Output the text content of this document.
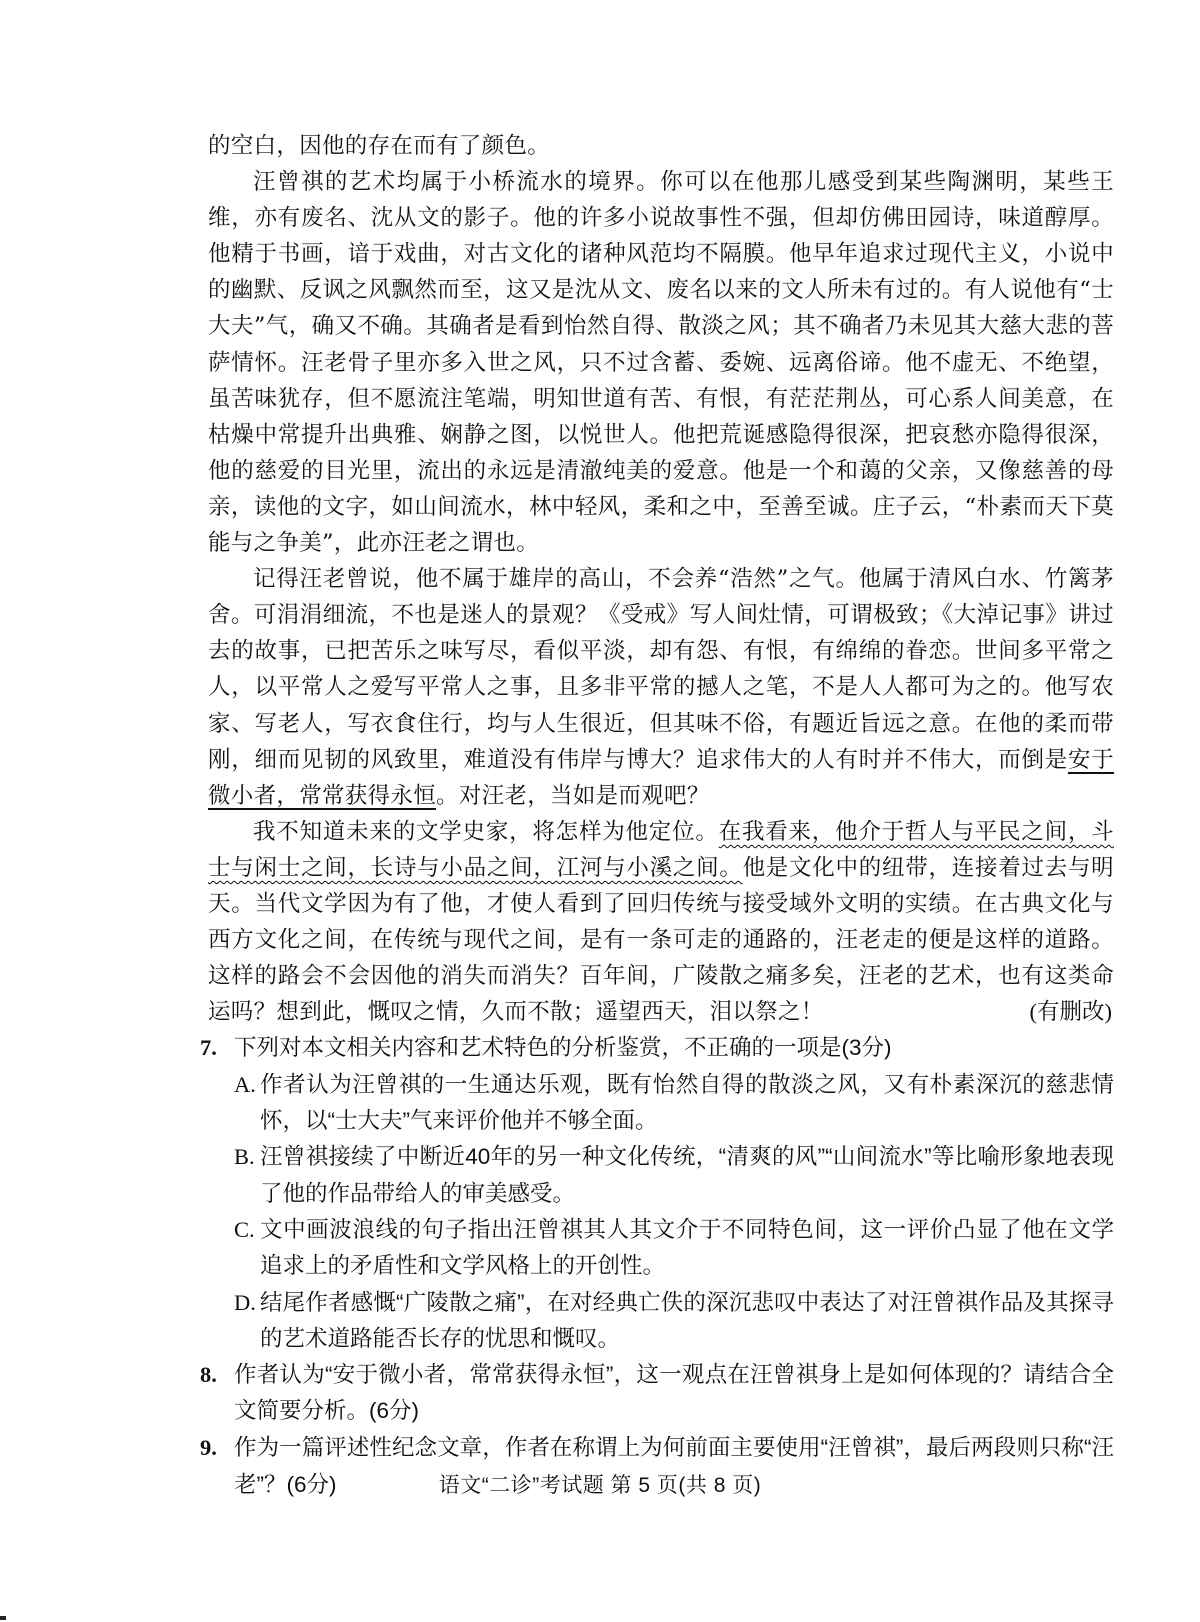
的空白，因他的存在而有了颜色。

汪曾祺的艺术均属于小桥流水的境界。你可以在他那儿感受到某些陶渊明，某些王维，亦有废名、沈从文的影子。他的许多小说故事性不强，但却仿佛田园诗，味道醇厚。他精于书画，谙于戏曲，对古文化的诸种风范均不隔膜。他早年追求过现代主义，小说中的幽默、反讽之风飘然而至，这又是沈从文、废名以来的文人所未有过的。有人说他有“士大夫”气，确又不确。其确者是看到怡然自得、散淡之风；其不确者乃未见其大慈大悲的菩萨情怀。汪老骨子里亦多入世之风，只不过含蓄、委婉、远离俗谛。他不虚无、不绝望，虽苦味犹存，但不愿流注笔端，明知世道有苦、有恨，有茫茫荆丛，可心系人间美意，在枯燥中常提升出典雅、娴静之图，以悦世人。他把荒诞感隐得很深，把哀愁亦隐得很深，他的慈爱的目光里，流出的永远是清澈纯美的爱意。他是一个和蔼的父亲，又像慈善的母亲，读他的文字，如山间流水，林中轻风，柔和之中，至善至诚。庄子云，“朴素而天下莫能与之争美”，此亦汪老之谓也。

记得汪老曾说，他不属于雄岸的高山，不会养“浩然”之气。他属于清风白水、竹篱茅舍。可涓涓细流，不也是迷人的景观？《受戒》写人间灶情，可谓极致；《大淖记事》讲过去的故事，已把苦乐之味写尽，看似平淡，却有怨、有恨，有绵绵的眷恋。世间多平常之人，以平常人之爱写平常人之事，且多非平常的撼人之笔，不是人人都可为之的。他写农家、写老人，写衣食住行，均与人生很近，但其味不俗，有题近旨远之意。在他的柔而带刚，细而见韧的风致里，难道没有伟岸与博大？追求伟大的人有时并不伟大，而倒是安于微小者，常常获得永恒。对汪老，当如是而观吧？

我不知道未来的文学史家，将怎样为他定位。在我看来，他介于哲人与平民之间，斗士与闲士之间，长诗与小品之间，江河与小溪之间。他是文化中的纽带，连接着过去与明天。当代文学因为有了他，才使人看到了回归传统与接受域外文明的实绩。在古典文化与西方文化之间，在传统与现代之间，是有一条可走的通路的，汪老走的便是这样的道路。这样的路会不会因他的消失而消失？百年间，广陵散之痛多矣，汪老的艺术，也有这类命运吗？想到此，慨叹之情，久而不散；遥望西天，泪以祭之！	(有删改)
7. 下列对本文相关内容和艺术特色的分析鉴赏，不正确的一项是(3分)
A. 作者认为汪曾祺的一生通达乐观，既有怡然自得的散淡之风，又有朴素深沉的慈悲情怀，以“士大夫”气来评价他并不够全面。
B. 汪曾祺接续了中断近40年的另一种文化传统，“清爽的风”“山间流水”等比喻形象地表现了他的作品带给人的审美感受。
C. 文中画波浪线的句子指出汪曾祺其人其文介于不同特色间，这一评价凸显了他在文学追求上的矛盾性和文学风格上的开创性。
D. 结尾作者感慨“广陵散之痛”，在对经典亡佚的深沉悲叹中表达了对汪曾祺作品及其探寻的艺术道路能否长存的忧思和慨叹。
8. 作者认为“安于微小者，常常获得永恒”，这一观点在汪曾祺身上是如何体现的？请结合全文简要分析。(6分)
9. 作为一篇评述性纪念文章，作者在称谓上为何前面主要使用“汪曾祺”，最后两段则只称“汪老”？(6分)	语文“二诊”考试题 第 5 页(共 8 页)
